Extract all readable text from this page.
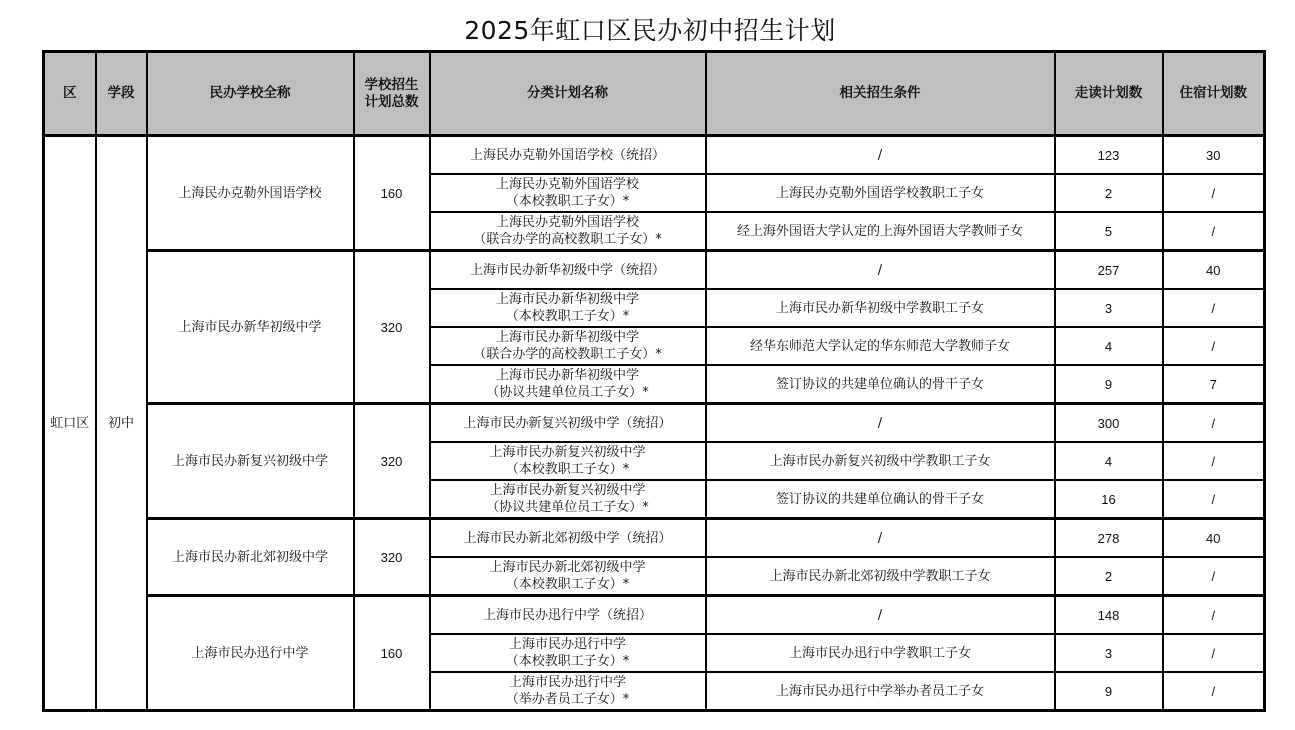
2025年虹口区民办初中招生计划
区	学段	民办学校全称	学校招生
计划总数	分类计划名称	相关招生条件	走读计划数	住宿计划数
虹口区	初中	上海民办克勒外国语学校	160	上海民办克勒外国语学校（统招）	/	123	30

				上海民办克勒外国语学校
（本校教职工子女）*	上海民办克勒外国语学校教职工子女	2	/

				上海民办克勒外国语学校
（联合办学的高校教职工子女）*	经上海外国语大学认定的上海外国语大学教师子女	5	/
		上海市民办新华初级中学	320	上海市民办新华初级中学（统招）	/	257	40

				上海市民办新华初级中学
（本校教职工子女）*	上海市民办新华初级中学教职工子女	3	/

				上海市民办新华初级中学
（联合办学的高校教职工子女）*	经华东师范大学认定的华东师范大学教师子女	4	/

				上海市民办新华初级中学
（协议共建单位员工子女）*	签订协议的共建单位确认的骨干子女	9	7
		上海市民办新复兴初级中学	320	上海市民办新复兴初级中学（统招）	/	300	/

				上海市民办新复兴初级中学
（本校教职工子女）*	上海市民办新复兴初级中学教职工子女	4	/

				上海市民办新复兴初级中学
（协议共建单位员工子女）*	签订协议的共建单位确认的骨干子女	16	/
		上海市民办新北郊初级中学	320	上海市民办新北郊初级中学（统招）	/	278	40

				上海市民办新北郊初级中学
（本校教职工子女）*	上海市民办新北郊初级中学教职工子女	2	/
		上海市民办迅行中学	160	上海市民办迅行中学（统招）	/	148	/

				上海市民办迅行中学
（本校教职工子女）*	上海市民办迅行中学教职工子女	3	/

				上海市民办迅行中学
（举办者员工子女）*	上海市民办迅行中学举办者员工子女	9	/
